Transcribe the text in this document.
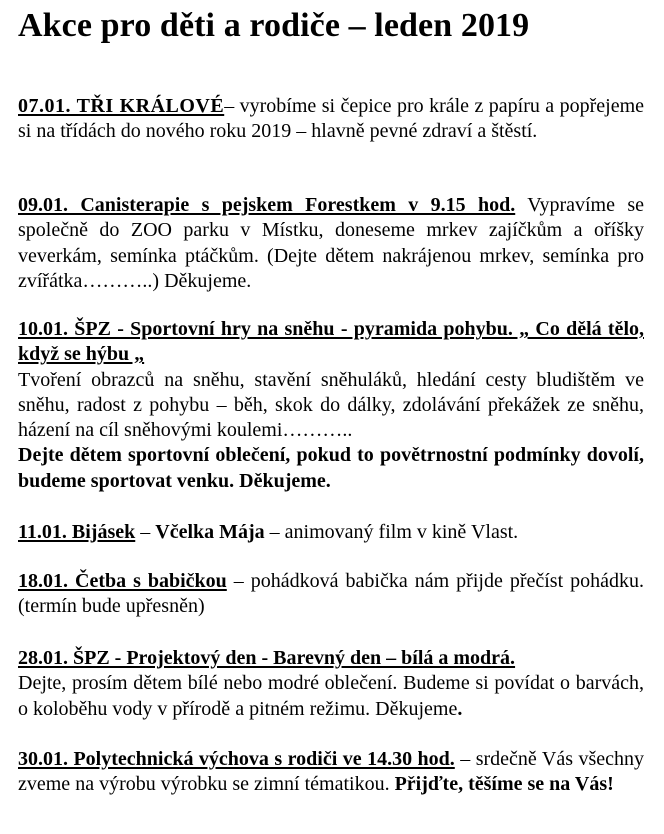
Akce pro děti a rodiče – leden 2019
07.01. TŘI KRÁLOVÉ– vyrobíme si čepice pro krále z papíru a popřejeme si na třídách do nového roku 2019 – hlavně pevné zdraví a štěstí.
09.01. Canisterapie s pejskem Forestkem v 9.15 hod. Vypravíme se společně do ZOO parku v Místku, doneseme mrkev zajíčkům a oříšky veverkám, semínka ptáčkům. (Dejte dětem nakrájenou mrkev, semínka pro zvířátka………..) Děkujeme.
10.01. ŠPZ - Sportovní hry na sněhu - pyramida pohybu. „ Co dělá tělo, když se hýbu „
Tvoření obrazců na sněhu, stavění sněhuláků, hledání cesty bludištěm ve sněhu, radost z pohybu – běh, skok do dálky, zdolávání překážek ze sněhu, házení na cíl sněhovými koulemi………..
Dejte dětem sportovní oblečení, pokud to povětrnostní podmínky dovolí, budeme sportovat venku. Děkujeme.
11.01. Bijásek – Včelka Mája – animovaný film v kině Vlast.
18.01. Četba s babičkou – pohádková babička nám přijde přečíst pohádku. (termín bude upřesněn)
28.01. ŠPZ - Projektový den - Barevný den – bílá a modrá.
Dejte, prosím dětem bílé nebo modré oblečení. Budeme si povídat o barvách, o koloběhu vody v přírodě a pitném režimu. Děkujeme.
30.01. Polytechnická výchova s rodiči ve 14.30 hod. – srdečně Vás všechny zveme na výrobu výrobku se zimní tématikou. Přijďte, těšíme se na Vás!
